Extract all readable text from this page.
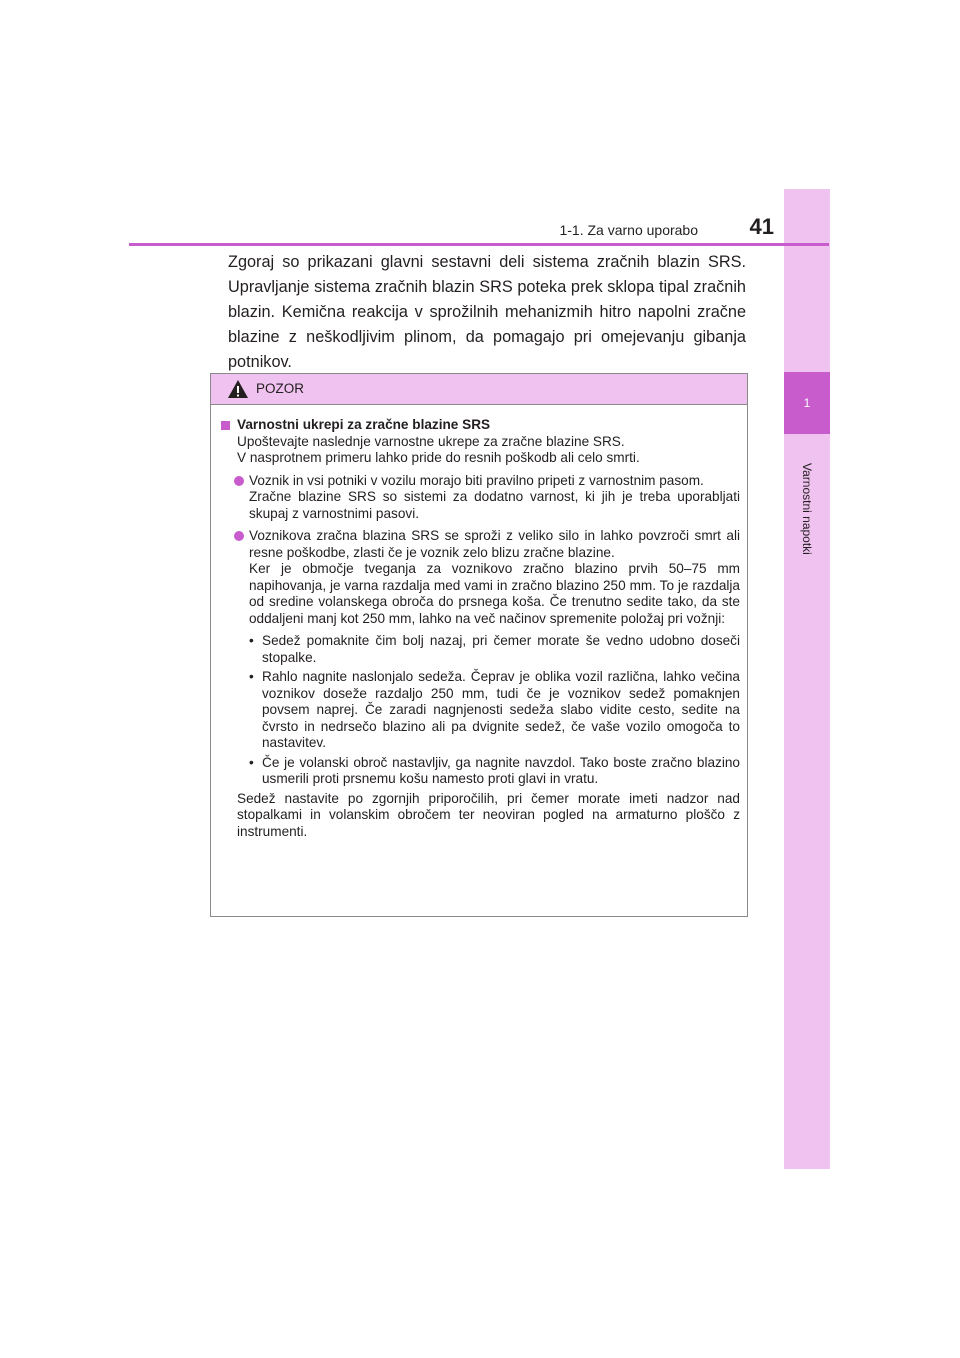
1
Varnostni napotki
1-1. Za varno uporabo	41

Zgoraj so prikazani glavni sestavni deli sistema zračnih blazin SRS. Upravljanje sistema zračnih blazin SRS poteka prek sklopa tipal zračnih blazin. Kemična reakcija v sprožilnih mehanizmih hitro napolni zračne blazine z neškodljivim plinom, da pomagajo pri omejevanju gibanja potnikov.

POZOR

Varnostni ukrepi za zračne blazine SRS

Upoštevajte naslednje varnostne ukrepe za zračne blazine SRS.

V nasprotnem primeru lahko pride do resnih poškodb ali celo smrti.

Voznik in vsi potniki v vozilu morajo biti pravilno pripeti z varnostnim pasom.

Zračne blazine SRS so sistemi za dodatno varnost, ki jih je treba uporabljati skupaj z varnostnimi pasovi.

Voznikova zračna blazina SRS se sproži z veliko silo in lahko povzroči smrt ali resne poškodbe, zlasti če je voznik zelo blizu zračne blazine.

Ker je območje tveganja za voznikovo zračno blazino prvih 50–75 mm napihovanja, je varna razdalja med vami in zračno blazino 250 mm. To je razdalja od sredine volanskega obroča do prsnega koša. Če trenutno sedite tako, da ste oddaljeni manj kot 250 mm, lahko na več načinov spremenite položaj pri vožnji:

• Sedež pomaknite čim bolj nazaj, pri čemer morate še vedno udobno doseči stopalke.
• Rahlo nagnite naslonjalo sedeža. Čeprav je oblika vozil različna, lahko večina voznikov doseže razdaljo 250 mm, tudi če je voznikov sedež pomaknjen povsem naprej. Če zaradi nagnjenosti sedeža slabo vidite cesto, sedite na čvrsto in nedrsečo blazino ali pa dvignite sedež, če vaše vozilo omogoča to nastavitev.
• Če je volanski obroč nastavljiv, ga nagnite navzdol. Tako boste zračno blazino usmerili proti prsnemu košu namesto proti glavi in vratu.

Sedež nastavite po zgornjih priporočilih, pri čemer morate imeti nadzor nad stopalkami in volanskim obročem ter neoviran pogled na armaturno ploščo z instrumenti.
